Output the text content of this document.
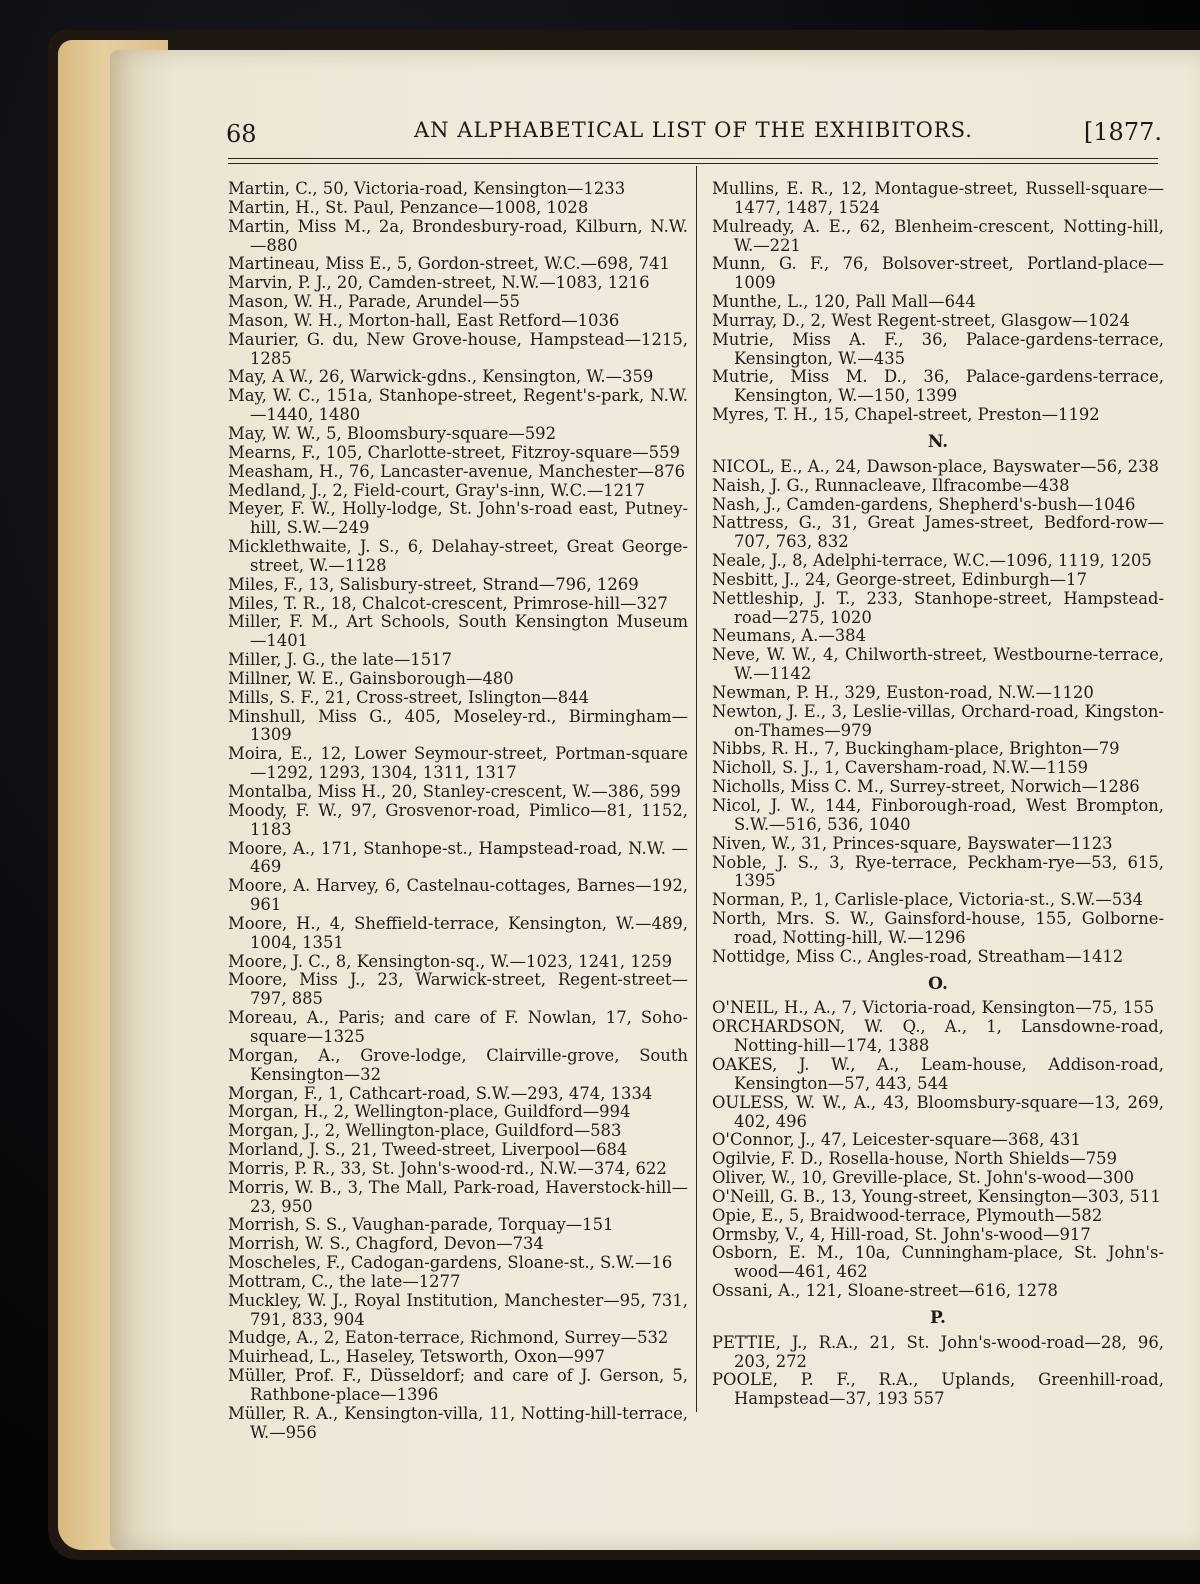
68	AN ALPHABETICAL LIST OF THE EXHIBITORS.	[1877.

Martin, C., 50, Victoria-road, Kensington—1233

Martin, H., St. Paul, Penzance—1008, 1028

Martin, Miss M., 2a, Brondesbury-road, Kilburn, N.W. —880

Martineau, Miss E., 5, Gordon-street, W.C.—698, 741

Marvin, P. J., 20, Camden-street, N.W.—1083, 1216

Mason, W. H., Parade, Arundel—55

Mason, W. H., Morton-hall, East Retford—1036

Maurier, G. du, New Grove-house, Hampstead—1215, 1285

May, A W., 26, Warwick-gdns., Kensington, W.—359

May, W. C., 151a, Stanhope-street, Regent's-park, N.W.—1440, 1480

May, W. W., 5, Bloomsbury-square—592

Mearns, F., 105, Charlotte-street, Fitzroy-square—559

Measham, H., 76, Lancaster-avenue, Manchester—876

Medland, J., 2, Field-court, Gray's-inn, W.C.—1217

Meyer, F. W., Holly-lodge, St. John's-road east, Putney-hill, S.W.—249

Micklethwaite, J. S., 6, Delahay-street, Great George-street, W.—1128

Miles, F., 13, Salisbury-street, Strand—796, 1269

Miles, T. R., 18, Chalcot-crescent, Primrose-hill—327

Miller, F. M., Art Schools, South Kensington Museum —1401

Miller, J. G., the late—1517

Millner, W. E., Gainsborough—480

Mills, S. F., 21, Cross-street, Islington—844

Minshull, Miss G., 405, Moseley-rd., Birmingham—1309

Moira, E., 12, Lower Seymour-street, Portman-square—1292, 1293, 1304, 1311, 1317

Montalba, Miss H., 20, Stanley-crescent, W.—386, 599

Moody, F. W., 97, Grosvenor-road, Pimlico—81, 1152, 1183

Moore, A., 171, Stanhope-st., Hampstead-road, N.W. —469

Moore, A. Harvey, 6, Castelnau-cottages, Barnes—192, 961

Moore, H., 4, Sheffield-terrace, Kensington, W.—489, 1004, 1351

Moore, J. C., 8, Kensington-sq., W.—1023, 1241, 1259

Moore, Miss J., 23, Warwick-street, Regent-street—797, 885

Moreau, A., Paris; and care of F. Nowlan, 17, Soho-square—1325

Morgan, A., Grove-lodge, Clairville-grove, South Kensington—32

Morgan, F., 1, Cathcart-road, S.W.—293, 474, 1334

Morgan, H., 2, Wellington-place, Guildford—994

Morgan, J., 2, Wellington-place, Guildford—583

Morland, J. S., 21, Tweed-street, Liverpool—684

Morris, P. R., 33, St. John's-wood-rd., N.W.—374, 622

Morris, W. B., 3, The Mall, Park-road, Haverstock-hill—23, 950

Morrish, S. S., Vaughan-parade, Torquay—151

Morrish, W. S., Chagford, Devon—734

Moscheles, F., Cadogan-gardens, Sloane-st., S.W.—16

Mottram, C., the late—1277

Muckley, W. J., Royal Institution, Manchester—95, 731, 791, 833, 904

Mudge, A., 2, Eaton-terrace, Richmond, Surrey—532

Muirhead, L., Haseley, Tetsworth, Oxon—997

Müller, Prof. F., Düsseldorf; and care of J. Gerson, 5, Rathbone-place—1396

Müller, R. A., Kensington-villa, 11, Notting-hill-terrace, W.—956

Mullins, E. R., 12, Montague-street, Russell-square—1477, 1487, 1524

Mulready, A. E., 62, Blenheim-crescent, Notting-hill, W.—221

Munn, G. F., 76, Bolsover-street, Portland-place—1009

Munthe, L., 120, Pall Mall—644

Murray, D., 2, West Regent-street, Glasgow—1024

Mutrie, Miss A. F., 36, Palace-gardens-terrace, Kensington, W.—435

Mutrie, Miss M. D., 36, Palace-gardens-terrace, Kensington, W.—150, 1399

Myres, T. H., 15, Chapel-street, Preston—1192

N.

NICOL, E., A., 24, Dawson-place, Bayswater—56, 238

Naish, J. G., Runnacleave, Ilfracombe—438

Nash, J., Camden-gardens, Shepherd's-bush—1046

Nattress, G., 31, Great James-street, Bedford-row—707, 763, 832

Neale, J., 8, Adelphi-terrace, W.C.—1096, 1119, 1205

Nesbitt, J., 24, George-street, Edinburgh—17

Nettleship, J. T., 233, Stanhope-street, Hampstead-road—275, 1020

Neumans, A.—384

Neve, W. W., 4, Chilworth-street, Westbourne-terrace, W.—1142

Newman, P. H., 329, Euston-road, N.W.—1120

Newton, J. E., 3, Leslie-villas, Orchard-road, Kingston-on-Thames—979

Nibbs, R. H., 7, Buckingham-place, Brighton—79

Nicholl, S. J., 1, Caversham-road, N.W.—1159

Nicholls, Miss C. M., Surrey-street, Norwich—1286

Nicol, J. W., 144, Finborough-road, West Brompton, S.W.—516, 536, 1040

Niven, W., 31, Princes-square, Bayswater—1123

Noble, J. S., 3, Rye-terrace, Peckham-rye—53, 615, 1395

Norman, P., 1, Carlisle-place, Victoria-st., S.W.—534

North, Mrs. S. W., Gainsford-house, 155, Golborne-road, Notting-hill, W.—1296

Nottidge, Miss C., Angles-road, Streatham—1412

O.

O'NEIL, H., A., 7, Victoria-road, Kensington—75, 155

ORCHARDSON, W. Q., A., 1, Lansdowne-road, Notting-hill—174, 1388

OAKES, J. W., A., Leam-house, Addison-road, Kensington—57, 443, 544

OULESS, W. W., A., 43, Bloomsbury-square—13, 269, 402, 496

O'Connor, J., 47, Leicester-square—368, 431

Ogilvie, F. D., Rosella-house, North Shields—759

Oliver, W., 10, Greville-place, St. John's-wood—300

O'Neill, G. B., 13, Young-street, Kensington—303, 511

Opie, E., 5, Braidwood-terrace, Plymouth—582

Ormsby, V., 4, Hill-road, St. John's-wood—917

Osborn, E. M., 10a, Cunningham-place, St. John's-wood—461, 462

Ossani, A., 121, Sloane-street—616, 1278

P.

PETTIE, J., R.A., 21, St. John's-wood-road—28, 96, 203, 272

POOLE, P. F., R.A., Uplands, Greenhill-road, Hampstead—37, 193 557
